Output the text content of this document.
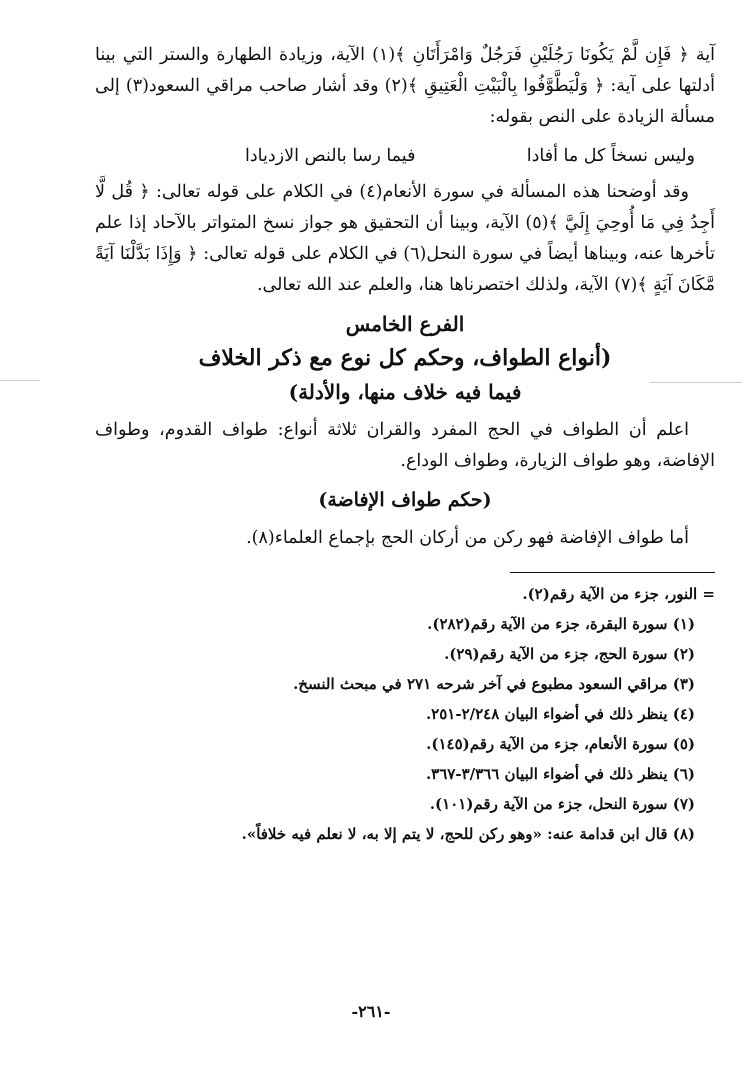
آية ﴿ فَإِن لَّمْ يَكُونَا رَجُلَيْنِ فَرَجُلٌ وَامْرَأَتَانِ ﴾(١) الآية، وزيادة الطهارة والستر التي بينا أدلتها على آية: ﴿ وَلْيَطَّوَّفُوا بِالْبَيْتِ الْعَتِيقِ ﴾(٢) وقد أشار صاحب مراقي السعود(٣) إلى مسألة الزيادة على النص بقوله:

وليس نسخاً كل ما أفادا
فيما رسا بالنص الازديادا

وقد أوضحنا هذه المسألة في سورة الأنعام(٤) في الكلام على قوله تعالى: ﴿ قُل لَّا أَجِدُ فِي مَا أُوحِيَ إِلَيَّ ﴾(٥) الآية، وبينا أن التحقيق هو جواز نسخ المتواتر بالآحاد إذا علم تأخرها عنه، وبيناها أيضاً في سورة النحل(٦) في الكلام على قوله تعالى: ﴿ وَإِذَا بَدَّلْنَا آيَةً مَّكَانَ آيَةٍ ﴾(٧) الآية، ولذلك اختصرناها هنا، والعلم عند الله تعالى.

الفرع الخامس

(أنواع الطواف، وحكم كل نوع مع ذكر الخلاف

فيما فيه خلاف منها، والأدلة)

اعلم أن الطواف في الحج المفرد والقران ثلاثة أنواع: طواف القدوم، وطواف الإفاضة، وهو طواف الزيارة، وطواف الوداع.

(حكم طواف الإفاضة)

أما طواف الإفاضة فهو ركن من أركان الحج بإجماع العلماء(٨).

= النور، جزء من الآية رقم(٢).

(١) سورة البقرة، جزء من الآية رقم(٢٨٢).

(٢) سورة الحج، جزء من الآية رقم(٢٩).

(٣) مراقي السعود مطبوع في آخر شرحه ٢٧١ في مبحث النسخ.

(٤) ينظر ذلك في أضواء البيان ٢/٢٤٨-٢٥١.

(٥) سورة الأنعام، جزء من الآية رقم(١٤٥).

(٦) ينظر ذلك في أضواء البيان ٣/٣٦٦-٣٦٧.

(٧) سورة النحل، جزء من الآية رقم(١٠١).

(٨) قال ابن قدامة عنه: «وهو ركن للحج، لا يتم إلا به، لا نعلم فيه خلافاً».

-٢٦١-
